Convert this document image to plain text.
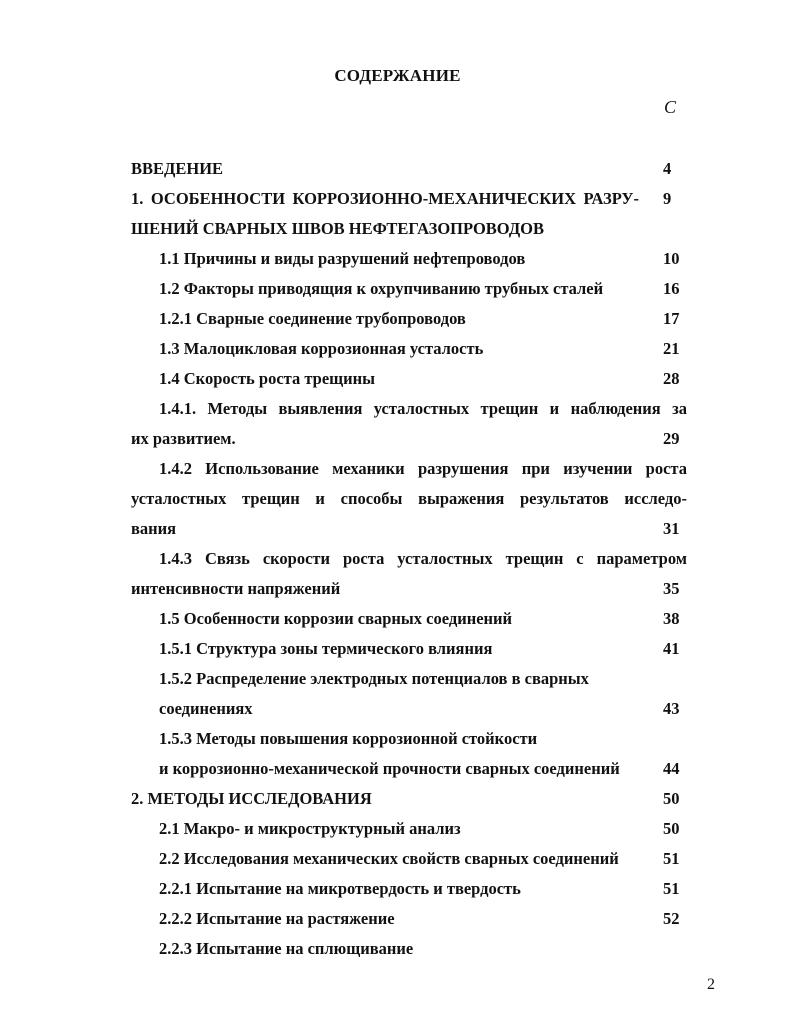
СОДЕРЖАНИЕ
С
ВВЕДЕНИЕ	4
1. ОСОБЕННОСТИ КОРРОЗИОННО-МЕХАНИЧЕСКИХ РАЗРУ- 9
ШЕНИЙ СВАРНЫХ ШВОВ НЕФТЕГАЗОПРОВОДОВ
1.1 Причины и виды разрушений нефтепроводов	10
1.2 Факторы приводящия к охрупчиванию трубных сталей	16
1.2.1 Сварные соединение трубопроводов	17
1.3 Малоцикловая коррозионная усталость	21
1.4 Скорость роста трещины	28
1.4.1. Методы выявления усталостных трещин и наблюдения за
их развитием.	29
1.4.2 Использование механики разрушения при изучении роста
усталостных трещин и способы выражения результатов исследо-
вания	31
1.4.3 Связь скорости роста усталостных трещин с параметром
интенсивности напряжений	35
1.5 Особенности коррозии сварных соединений	38
1.5.1 Структура зоны термического влияния	41
1.5.2 Распределение электродных потенциалов в сварных
соединениях	43
1.5.3 Методы повышения коррозионной стойкости
и коррозионно-механической прочности сварных соединений	44
2. МЕТОДЫ ИССЛЕДОВАНИЯ	50
2.1 Макро- и микроструктурный анализ	50
2.2 Исследования механических свойств сварных соединений	51
2.2.1 Испытание на микротвердость и твердость	51
2.2.2 Испытание на растяжение	52
2.2.3 Испытание на сплющивание
2
